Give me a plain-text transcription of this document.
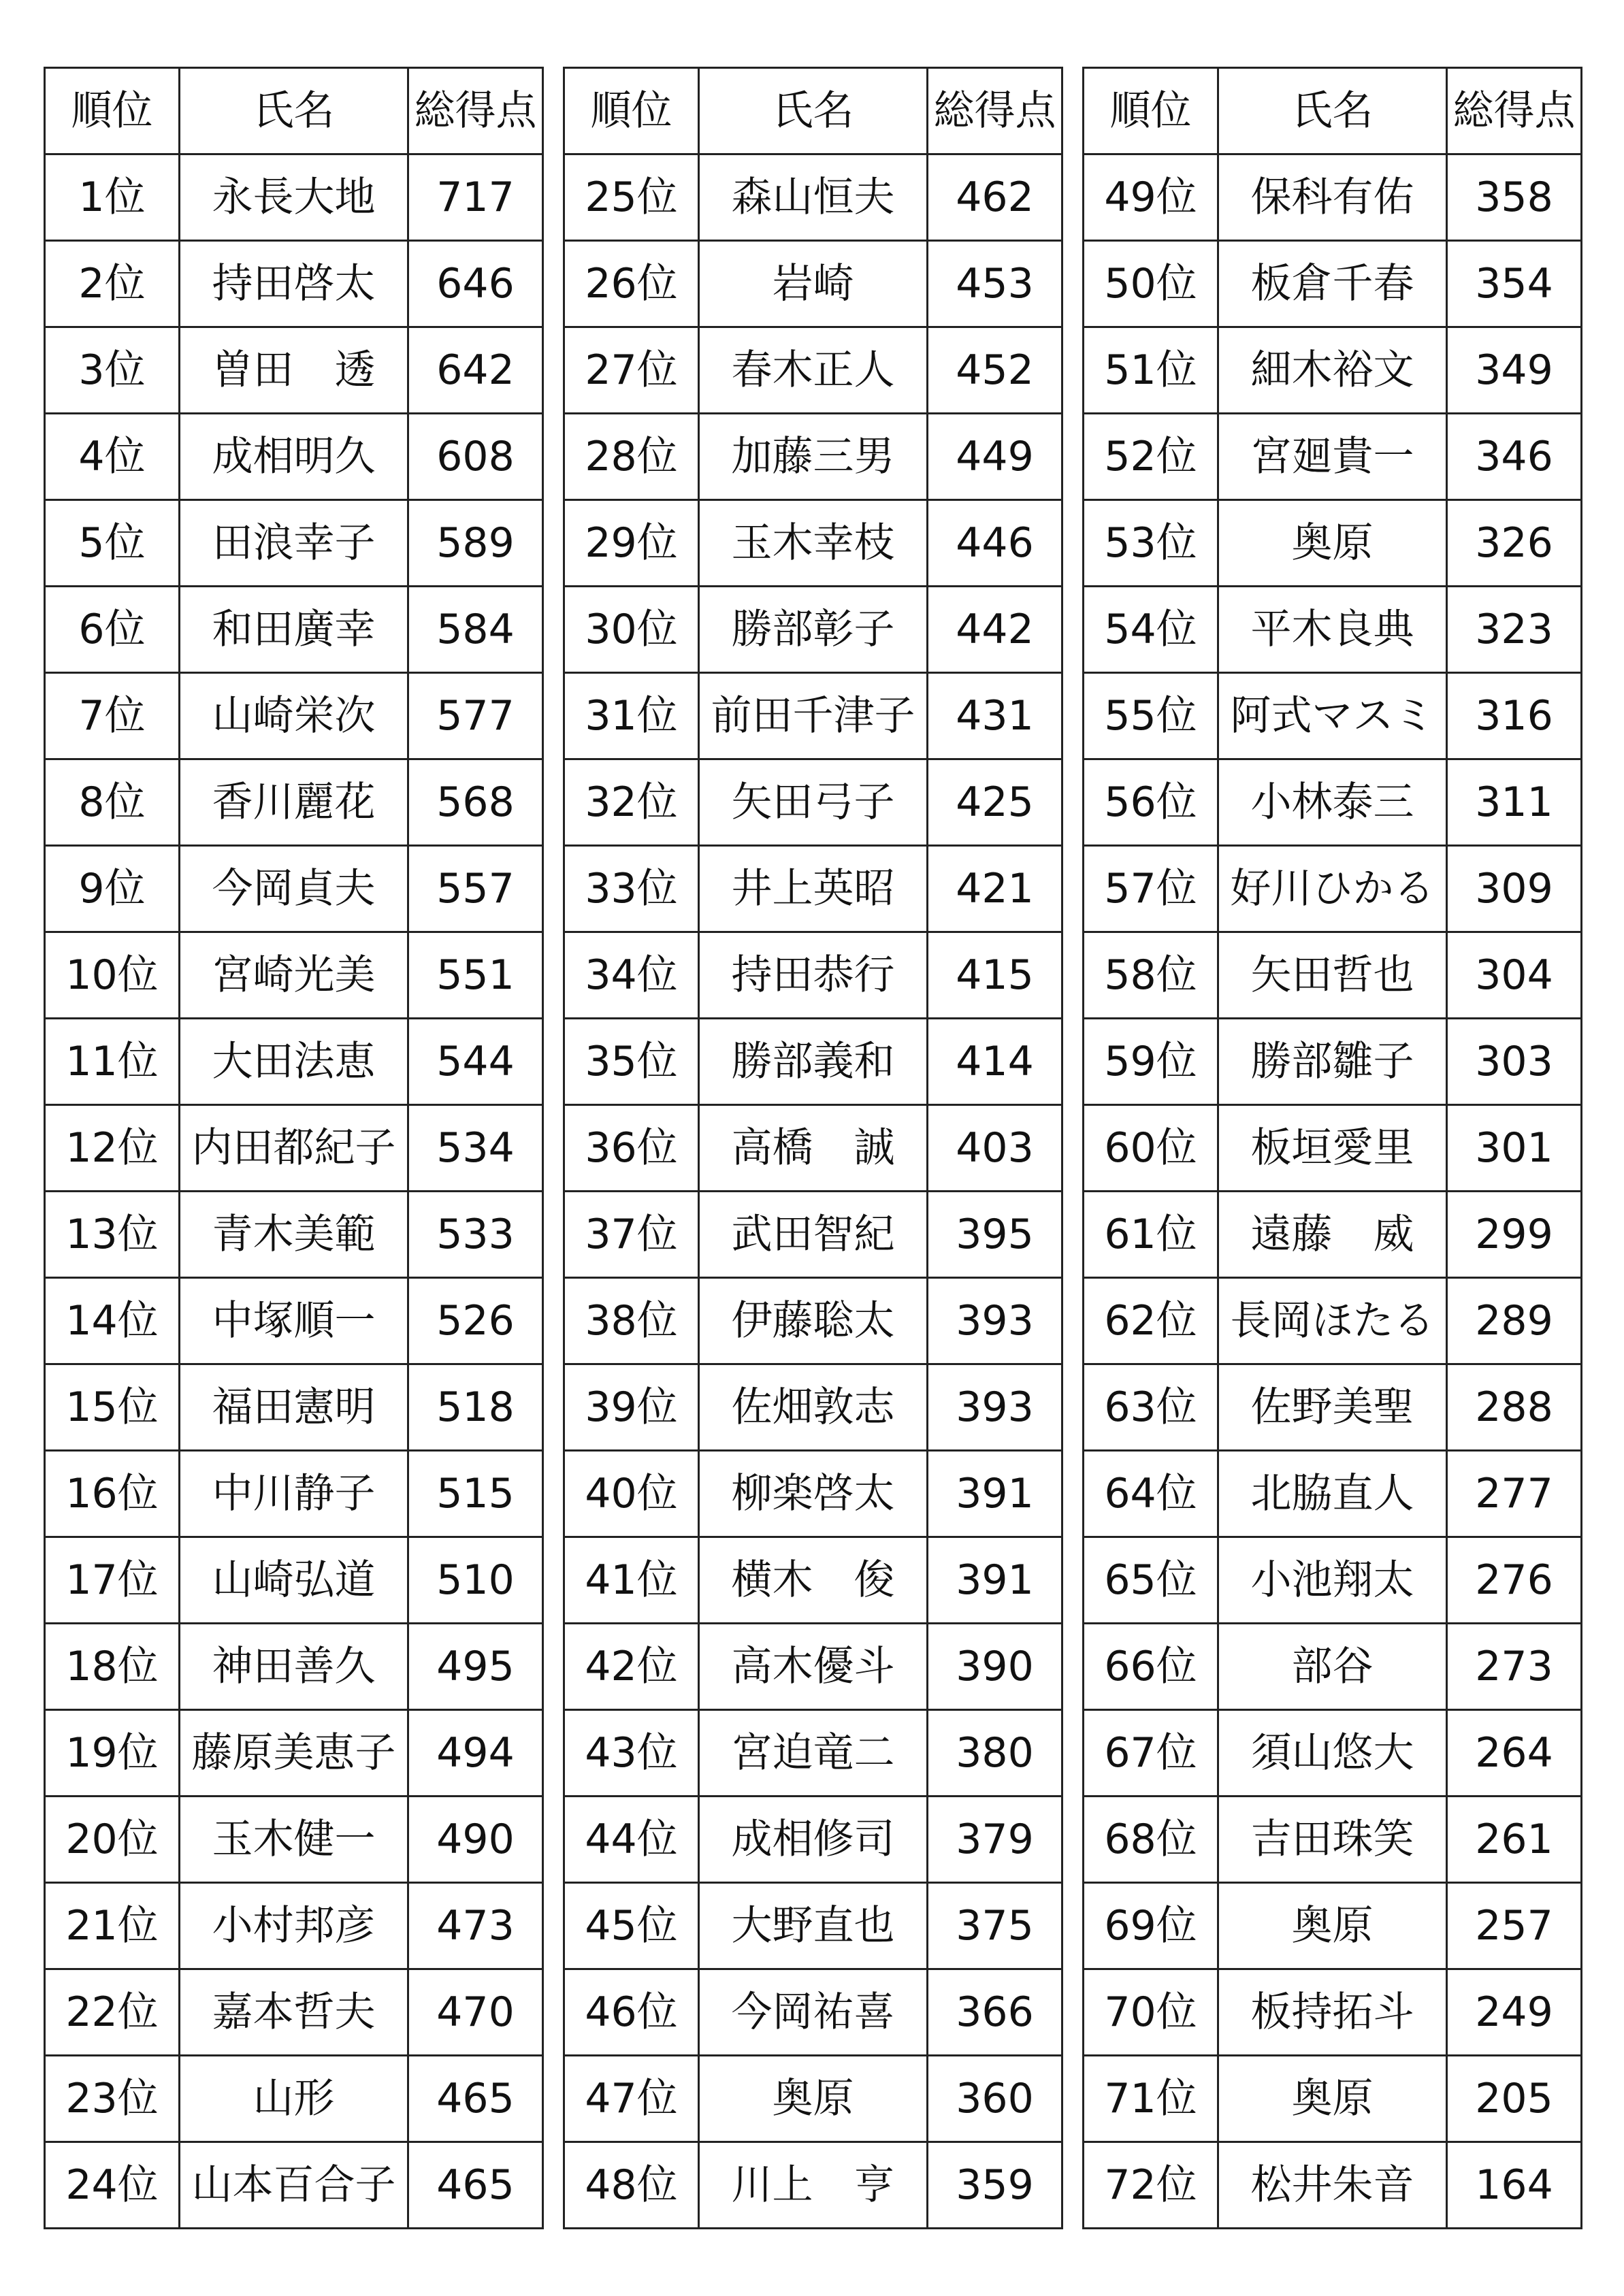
順位	氏名	総得点
1位	永長大地	717
2位	持田啓太	646
3位	曽田　透	642
4位	成相明久	608
5位	田浪幸子	589
6位	和田廣幸	584
7位	山崎栄次	577
8位	香川麗花	568
9位	今岡貞夫	557
10位	宮崎光美	551
11位	大田法恵	544
12位	内田都紀子	534
13位	青木美範	533
14位	中塚順一	526
15位	福田憲明	518
16位	中川静子	515
17位	山崎弘道	510
18位	神田善久	495
19位	藤原美恵子	494
20位	玉木健一	490
21位	小村邦彦	473
22位	嘉本哲夫	470
23位	山形	465
24位	山本百合子	465
順位	氏名	総得点
25位	森山恒夫	462
26位	岩崎	453
27位	春木正人	452
28位	加藤三男	449
29位	玉木幸枝	446
30位	勝部彰子	442
31位	前田千津子	431
32位	矢田弓子	425
33位	井上英昭	421
34位	持田恭行	415
35位	勝部義和	414
36位	高橋　誠	403
37位	武田智紀	395
38位	伊藤聡太	393
39位	佐畑敦志	393
40位	柳楽啓太	391
41位	横木　俊	391
42位	高木優斗	390
43位	宮迫竜二	380
44位	成相修司	379
45位	大野直也	375
46位	今岡祐喜	366
47位	奥原	360
48位	川上　亨	359
順位	氏名	総得点
49位	保科有佑	358
50位	板倉千春	354
51位	細木裕文	349
52位	宮廻貴一	346
53位	奥原	326
54位	平木良典	323
55位	阿式マスミ	316
56位	小林泰三	311
57位	好川ひかる	309
58位	矢田哲也	304
59位	勝部雛子	303
60位	板垣愛里	301
61位	遠藤　威	299
62位	長岡ほたる	289
63位	佐野美聖	288
64位	北脇直人	277
65位	小池翔太	276
66位	部谷	273
67位	須山悠大	264
68位	吉田珠笑	261
69位	奥原	257
70位	板持拓斗	249
71位	奥原	205
72位	松井朱音	164
